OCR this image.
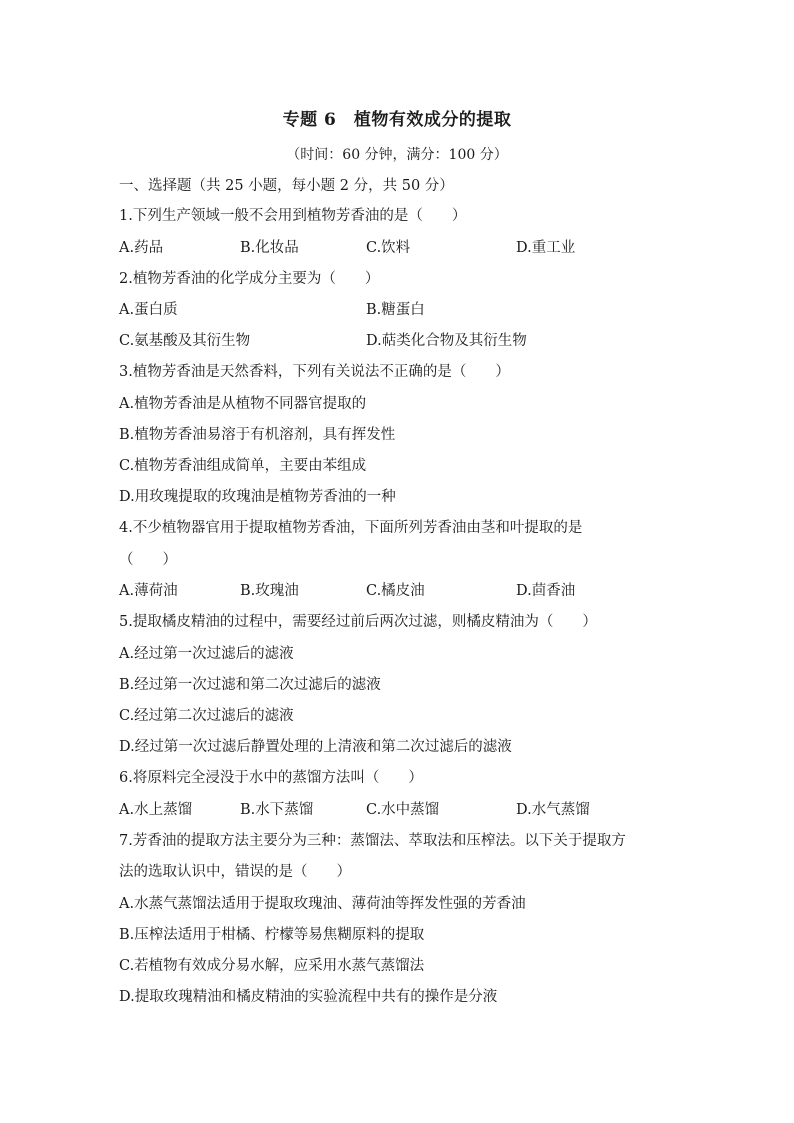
专题 6　植物有效成分的提取
（时间：60 分钟，满分：100 分）
一、选择题（共 25 小题，每小题 2 分，共 50 分）
1.下列生产领域一般不会用到植物芳香油的是（　　）
A.药品	B.化妆品	C.饮料	D.重工业
2.植物芳香油的化学成分主要为（　　）
A.蛋白质	B.糖蛋白
C.氨基酸及其衍生物	D.萜类化合物及其衍生物
3.植物芳香油是天然香料，下列有关说法不正确的是（　　）
A.植物芳香油是从植物不同器官提取的
B.植物芳香油易溶于有机溶剂，具有挥发性
C.植物芳香油组成简单，主要由苯组成
D.用玫瑰提取的玫瑰油是植物芳香油的一种
4.不少植物器官用于提取植物芳香油，下面所列芳香油由茎和叶提取的是
（　　）
A.薄荷油	B.玫瑰油	C.橘皮油	D.茴香油
5.提取橘皮精油的过程中，需要经过前后两次过滤，则橘皮精油为（　　）
A.经过第一次过滤后的滤液
B.经过第一次过滤和第二次过滤后的滤液
C.经过第二次过滤后的滤液
D.经过第一次过滤后静置处理的上清液和第二次过滤后的滤液
6.将原料完全浸没于水中的蒸馏方法叫（　　）
A.水上蒸馏	B.水下蒸馏	C.水中蒸馏	D.水气蒸馏
7.芳香油的提取方法主要分为三种：蒸馏法、萃取法和压榨法。以下关于提取方
法的选取认识中，错误的是（　　）
A.水蒸气蒸馏法适用于提取玫瑰油、薄荷油等挥发性强的芳香油
B.压榨法适用于柑橘、柠檬等易焦糊原料的提取
C.若植物有效成分易水解，应采用水蒸气蒸馏法
D.提取玫瑰精油和橘皮精油的实验流程中共有的操作是分液
